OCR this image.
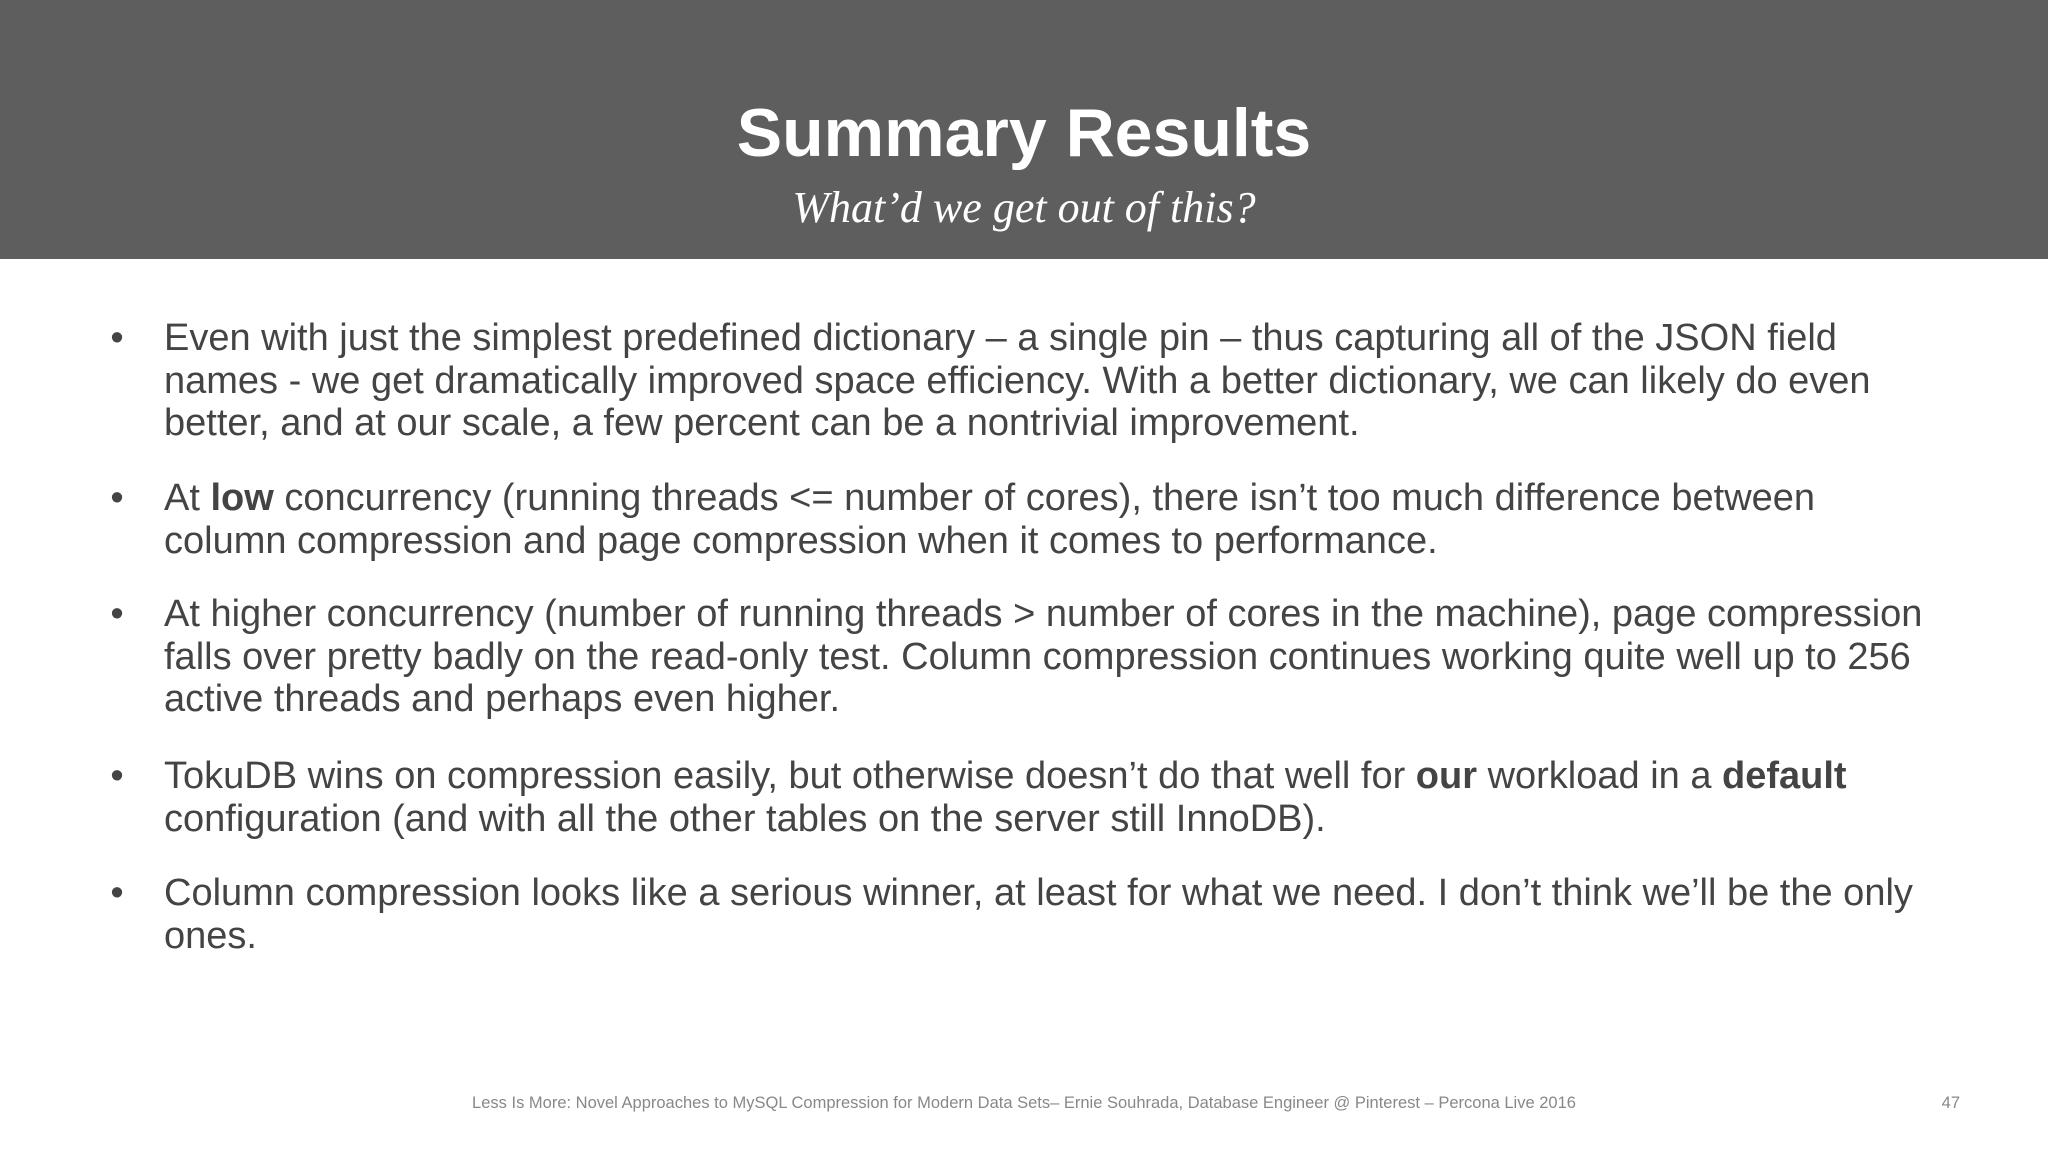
Summary Results
What’d we get out of this?
• Even with just the simplest predefined dictionary – a single pin – thus capturing all of the JSON field names - we get dramatically improved space efficiency. With a better dictionary, we can likely do even better, and at our scale, a few percent can be a nontrivial improvement.
• At low concurrency (running threads <= number of cores), there isn’t too much difference between column compression and page compression when it comes to performance.
• At higher concurrency (number of running threads > number of cores in the machine), page compression falls over pretty badly on the read-only test. Column compression continues working quite well up to 256 active threads and perhaps even higher.
• TokuDB wins on compression easily, but otherwise doesn’t do that well for our workload in a default configuration (and with all the other tables on the server still InnoDB).
• Column compression looks like a serious winner, at least for what we need. I don’t think we’ll be the only ones.
Less Is More: Novel Approaches to MySQL Compression for Modern Data Sets– Ernie Souhrada, Database Engineer @ Pinterest – Percona Live 2016	47
